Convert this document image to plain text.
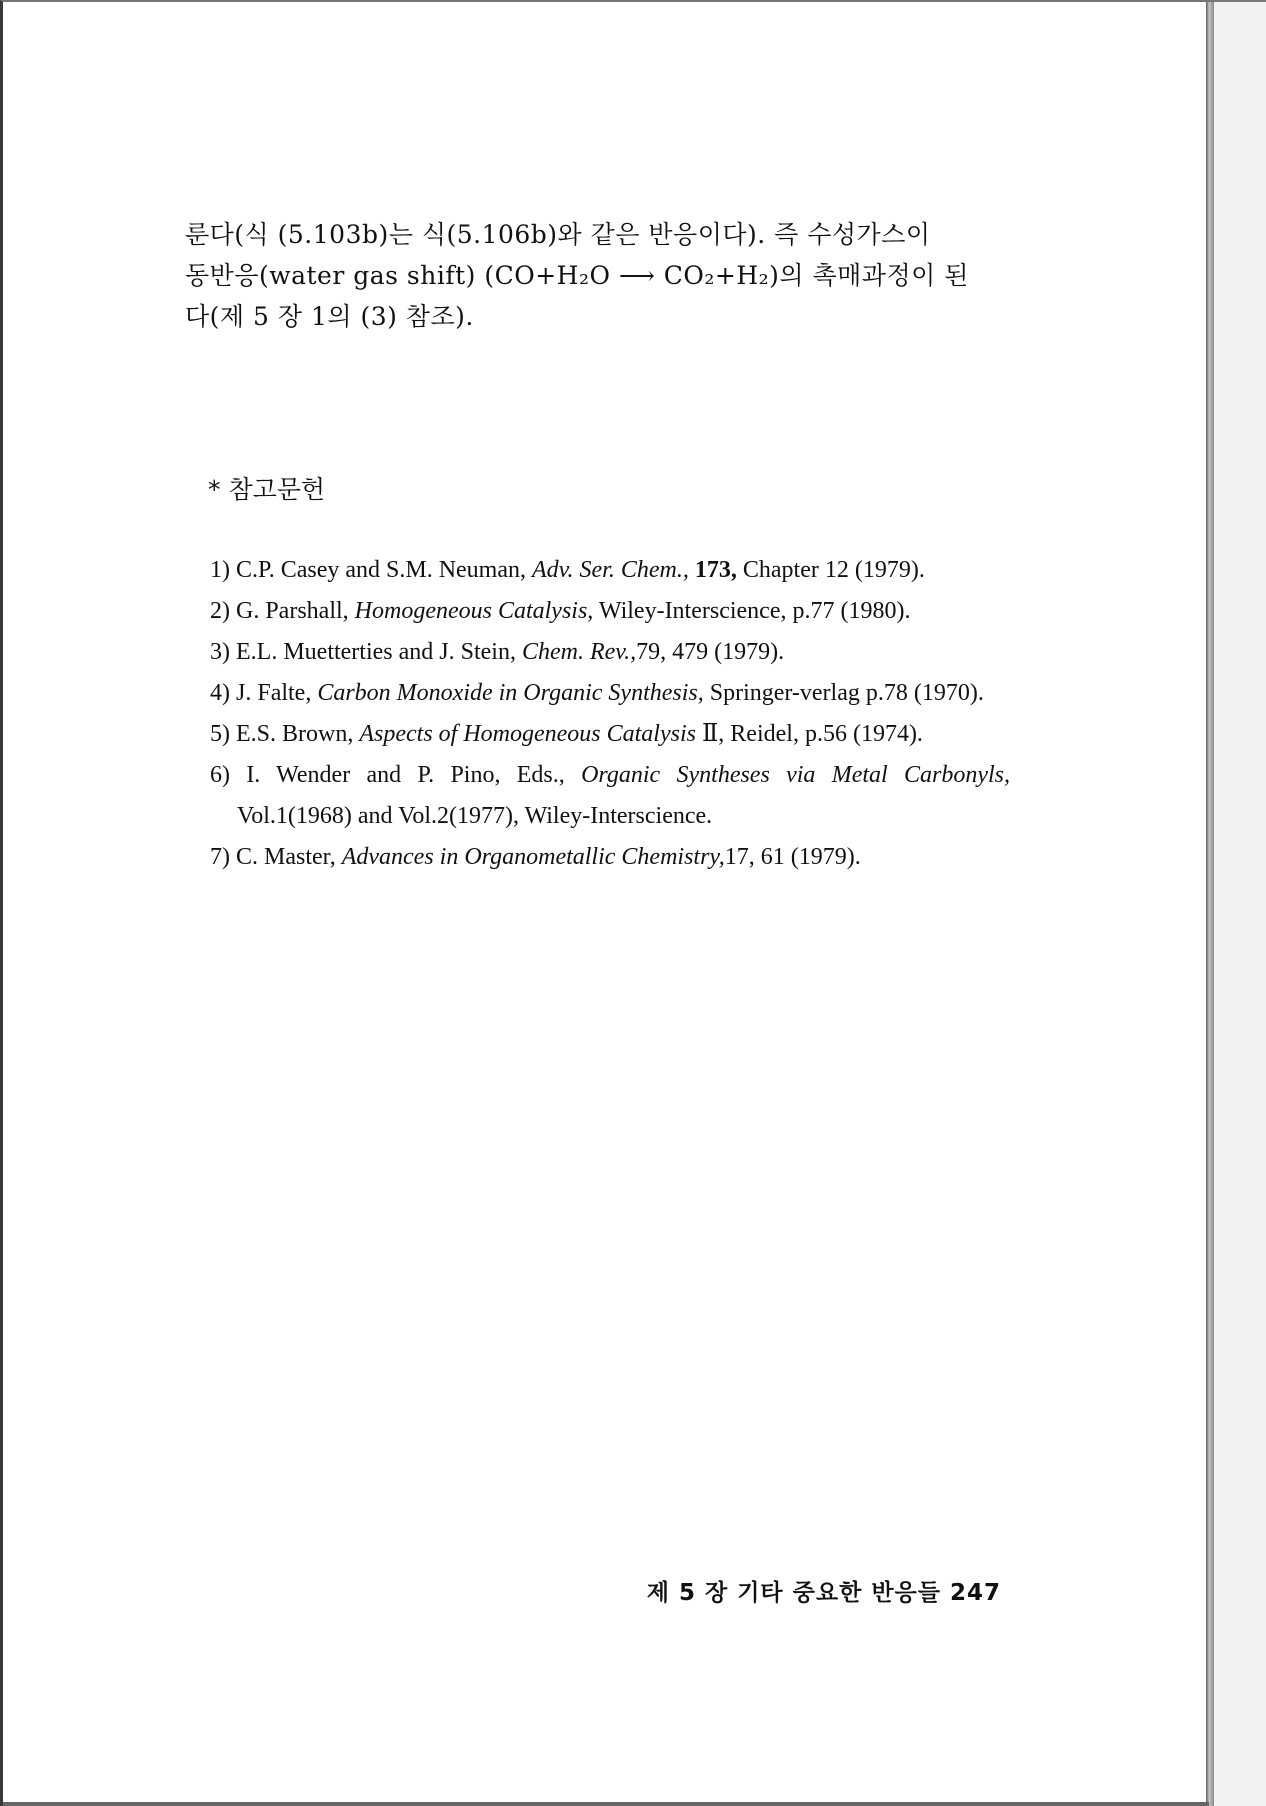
룬다(식 (5.103b)는 식(5.106b)와 같은 반응이다). 즉 수성가스이

동반응(water gas shift) (CO+H₂O ⟶ CO₂+H₂)의 촉매과정이 된

다(제 5 장 1의 (3) 참조).

* 참고문헌
1) C.P. Casey and S.M. Neuman, Adv. Ser. Chem., 173, Chapter 12 (1979).
2) G. Parshall, Homogeneous Catalysis, Wiley-Interscience, p.77 (1980).
3) E.L. Muetterties and J. Stein, Chem. Rev.,79, 479 (1979).
4) J. Falte, Carbon Monoxide in Organic Synthesis, Springer-verlag p.78 (1970).
5) E.S. Brown, Aspects of Homogeneous Catalysis Ⅱ, Reidel, p.56 (1974).
6) I. Wender and P. Pino, Eds., Organic Syntheses via Metal Carbonyls, Vol.1(1968) and Vol.2(1977), Wiley-Interscience.
7) C. Master, Advances in Organometallic Chemistry,17, 61 (1979).
제 5 장 기타 중요한 반응들 247
